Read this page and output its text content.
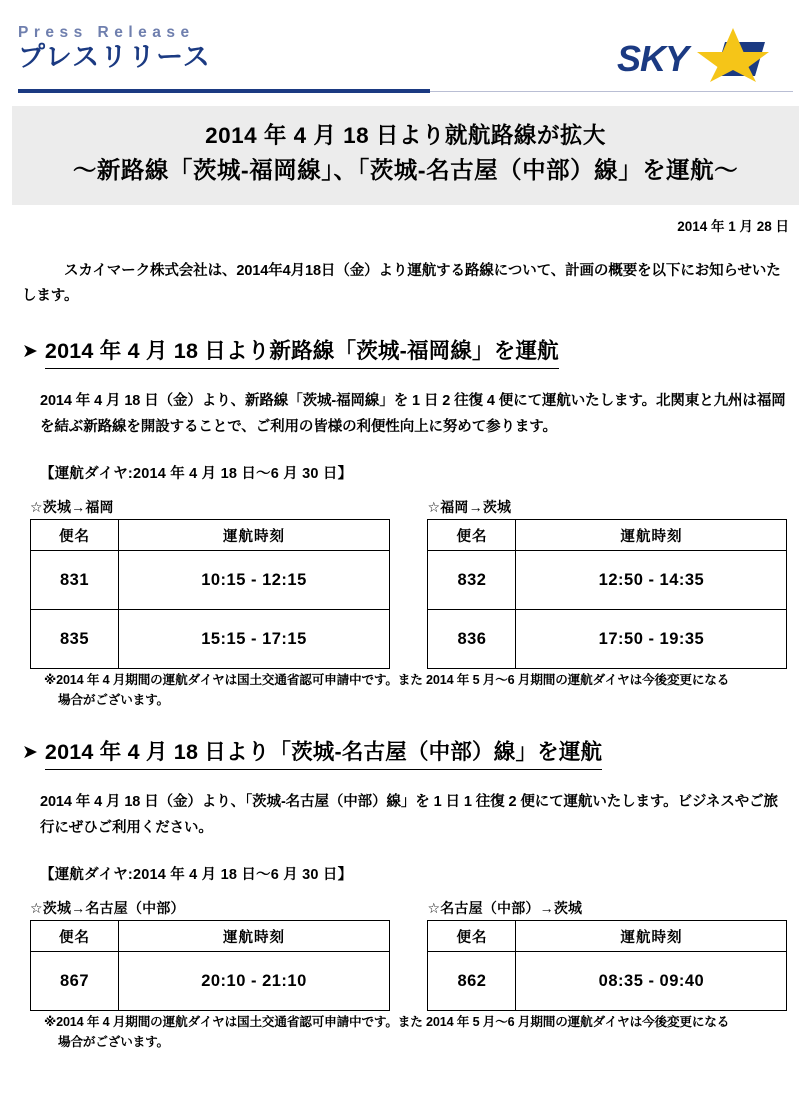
Press Release
プレスリリース	SKY
2014 年 4 月 18 日より就航路線が拡大
～新路線「茨城-福岡線」、「茨城-名古屋（中部）線」を運航～
2014 年 1 月 28 日

スカイマーク株式会社は、2014年4月18日（金）より運航する路線について、計画の概要を以下にお知らせいたします。

➤ 2014 年 4 月 18 日より新路線「茨城-福岡線」を運航

2014 年 4 月 18 日（金）より、新路線「茨城-福岡線」を 1 日 2 往復 4 便にて運航いたします。北関東と九州は福岡を結ぶ新路線を開設することで、ご利用の皆様の利便性向上に努めて参ります。

【運航ダイヤ:2014 年 4 月 18 日～6 月 30 日】
☆茨城→福岡
便名	運航時刻
831	10:15 - 12:15
835	15:15 - 17:15
☆福岡→茨城
便名	運航時刻
832	12:50 - 14:35
836	17:50 - 19:35
※2014 年 4 月期間の運航ダイヤは国土交通省認可申請中です。また 2014 年 5 月～6 月期間の運航ダイヤは今後変更になる
場合がございます。
➤ 2014 年 4 月 18 日より「茨城-名古屋（中部）線」を運航

2014 年 4 月 18 日（金）より、「茨城-名古屋（中部）線」を 1 日 1 往復 2 便にて運航いたします。ビジネスやご旅行にぜひご利用ください。

【運航ダイヤ:2014 年 4 月 18 日～6 月 30 日】
☆茨城→名古屋（中部）
便名	運航時刻
867	20:10 - 21:10
☆名古屋（中部）→茨城
便名	運航時刻
862	08:35 - 09:40
※2014 年 4 月期間の運航ダイヤは国土交通省認可申請中です。また 2014 年 5 月～6 月期間の運航ダイヤは今後変更になる
場合がございます。
